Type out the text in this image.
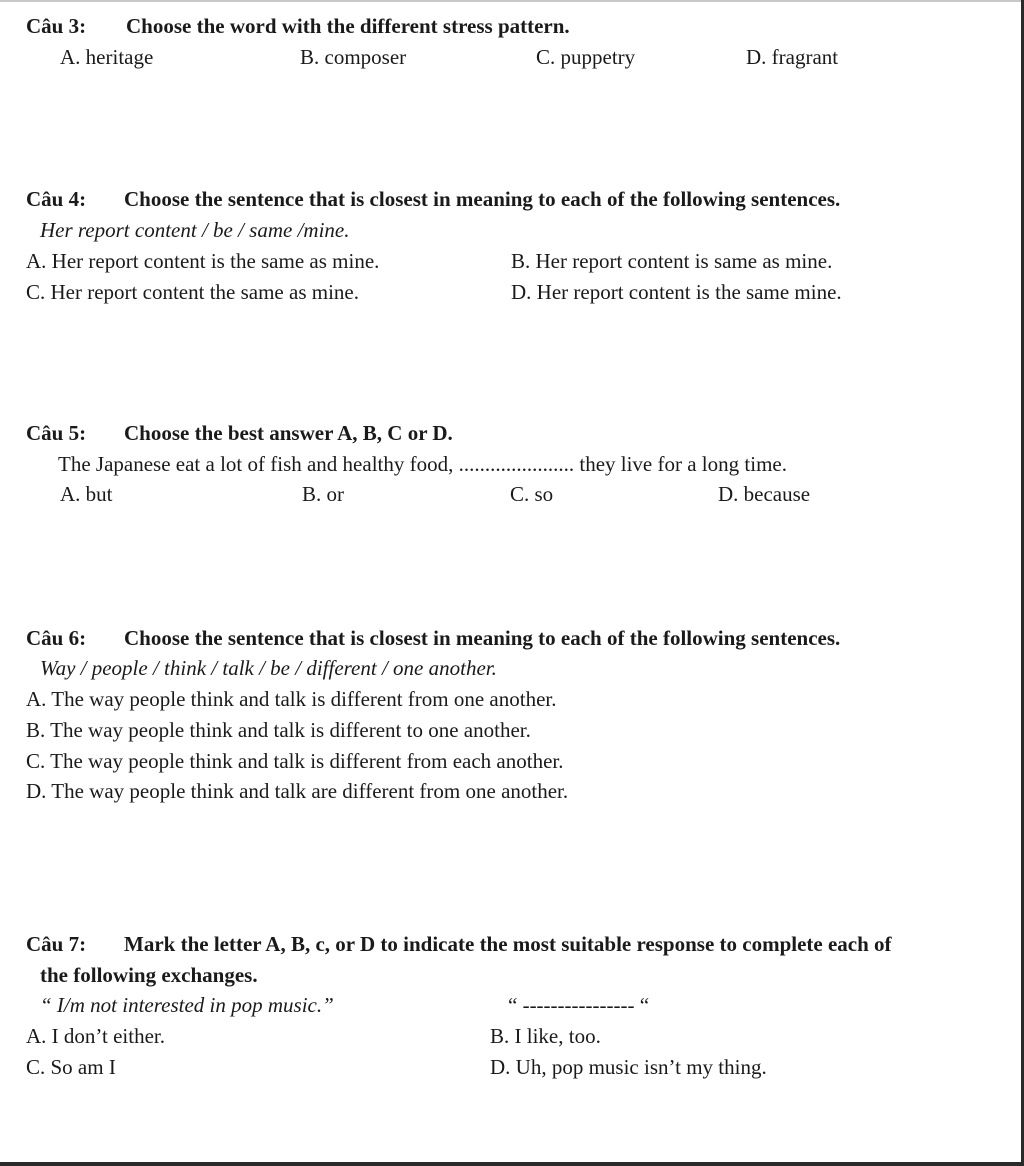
Câu 3: Choose the word with the different stress pattern.
A. heritage	B. composer	C. puppetry	D. fragrant
Câu 4: Choose the sentence that is closest in meaning to each of the following sentences.
Her report content / be / same /mine.
A. Her report content is the same as mine.	B. Her report content is same as mine.
C. Her report content the same as mine.	D. Her report content is the same mine.
Câu 5: Choose the best answer A, B, C or D.
The Japanese eat a lot of fish and healthy food, ...................... they live for a long time.
A. but	B. or	C. so	D. because
Câu 6: Choose the sentence that is closest in meaning to each of the following sentences.
Way / people / think / talk / be / different / one another.
A. The way people think and talk is different from one another.
B. The way people think and talk is different to one another.
C. The way people think and talk is different from each another.
D. The way people think and talk are different from one another.
Câu 7: Mark the letter A, B, c, or D to indicate the most suitable response to complete each of
the following exchanges.
“ I/m not interested in pop music.”	“ ---------------- “
A. I don’t either.	B. I like, too.
C. So am I	D. Uh, pop music isn’t my thing.
